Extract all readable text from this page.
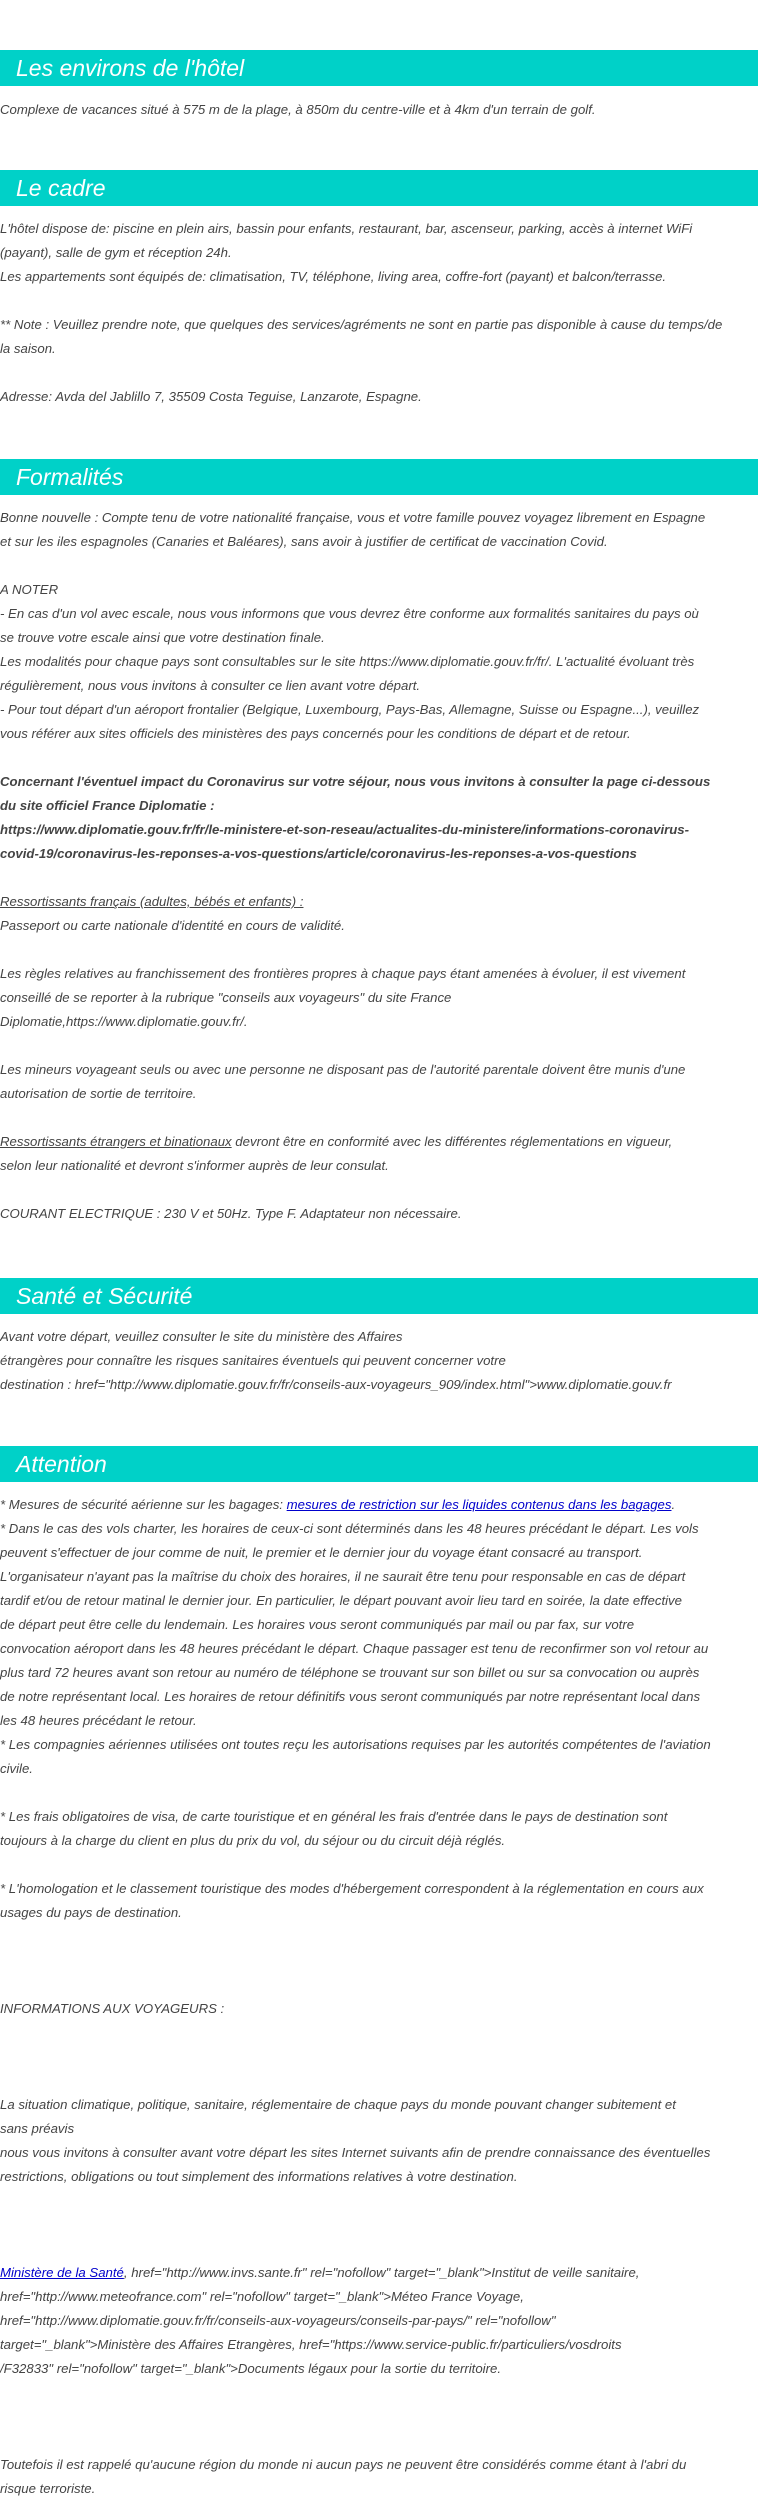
Les environs de l'hôtel

Complexe de vacances situé à 575 m de la plage, à 850m du centre-ville et à 4km d'un terrain de golf.

Le cadre

L'hôtel dispose de: piscine en plein airs, bassin pour enfants, restaurant, bar, ascenseur, parking, accès à internet WiFi

(payant), salle de gym et réception 24h.

Les appartements sont équipés de: climatisation, TV, téléphone, living area, coffre-fort (payant) et balcon/terrasse.

** Note : Veuillez prendre note, que quelques des services/agréments ne sont en partie pas disponible à cause du temps/de

la saison.

Adresse: Avda del Jablillo 7, 35509 Costa Teguise, Lanzarote, Espagne.

Formalités

Bonne nouvelle : Compte tenu de votre nationalité française, vous et votre famille pouvez voyagez librement en Espagne

et sur les iles espagnoles (Canaries et Baléares), sans avoir à justifier de certificat de vaccination Covid.

A NOTER

- En cas d'un vol avec escale, nous vous informons que vous devrez être conforme aux formalités sanitaires du pays où

se trouve votre escale ainsi que votre destination finale.

Les modalités pour chaque pays sont consultables sur le site https://www.diplomatie.gouv.fr/fr/. L'actualité évoluant très

régulièrement, nous vous invitons à consulter ce lien avant votre départ.

- Pour tout départ d'un aéroport frontalier (Belgique, Luxembourg, Pays-Bas, Allemagne, Suisse ou Espagne...), veuillez

vous référer aux sites officiels des ministères des pays concernés pour les conditions de départ et de retour.

Concernant l'éventuel impact du Coronavirus sur votre séjour, nous vous invitons à consulter la page ci-dessous

du site officiel France Diplomatie :

https://www.diplomatie.gouv.fr/fr/le-ministere-et-son-reseau/actualites-du-ministere/informations-coronavirus-

covid-19/coronavirus-les-reponses-a-vos-questions/article/coronavirus-les-reponses-a-vos-questions

Ressortissants français (adultes, bébés et enfants) :

Passeport ou carte nationale d'identité en cours de validité.

Les règles relatives au franchissement des frontières propres à chaque pays étant amenées à évoluer, il est vivement

conseillé de se reporter à la rubrique "conseils aux voyageurs" du site France

Diplomatie,https://www.diplomatie.gouv.fr/.

Les mineurs voyageant seuls ou avec une personne ne disposant pas de l'autorité parentale doivent être munis d'une

autorisation de sortie de territoire.

Ressortissants étrangers et binationaux devront être en conformité avec les différentes réglementations en vigueur,

selon leur nationalité et devront s'informer auprès de leur consulat.

COURANT ELECTRIQUE : 230 V et 50Hz. Type F. Adaptateur non nécessaire.

Santé et Sécurité

Avant votre départ, veuillez consulter le site du ministère des Affaires

étrangères pour connaître les risques sanitaires éventuels qui peuvent concerner votre

destination : href="http://www.diplomatie.gouv.fr/fr/conseils-aux-voyageurs_909/index.html">www.diplomatie.gouv.fr

Attention

* Mesures de sécurité aérienne sur les bagages: mesures de restriction sur les liquides contenus dans les bagages.

* Dans le cas des vols charter, les horaires de ceux-ci sont déterminés dans les 48 heures précédant le départ. Les vols

peuvent s'effectuer de jour comme de nuit, le premier et le dernier jour du voyage étant consacré au transport.

L'organisateur n'ayant pas la maîtrise du choix des horaires, il ne saurait être tenu pour responsable en cas de départ

tardif et/ou de retour matinal le dernier jour. En particulier, le départ pouvant avoir lieu tard en soirée, la date effective

de départ peut être celle du lendemain. Les horaires vous seront communiqués par mail ou par fax, sur votre

convocation aéroport dans les 48 heures précédant le départ. Chaque passager est tenu de reconfirmer son vol retour au

plus tard 72 heures avant son retour au numéro de téléphone se trouvant sur son billet ou sur sa convocation ou auprès

de notre représentant local. Les horaires de retour définitifs vous seront communiqués par notre représentant local dans

les 48 heures précédant le retour.

* Les compagnies aériennes utilisées ont toutes reçu les autorisations requises par les autorités compétentes de l'aviation

civile.

* Les frais obligatoires de visa, de carte touristique et en général les frais d'entrée dans le pays de destination sont

toujours à la charge du client en plus du prix du vol, du séjour ou du circuit déjà réglés.

* L'homologation et le classement touristique des modes d'hébergement correspondent à la réglementation en cours aux

usages du pays de destination.

INFORMATIONS AUX VOYAGEURS :

La situation climatique, politique, sanitaire, réglementaire de chaque pays du monde pouvant changer subitement et

sans préavis

nous vous invitons à consulter avant votre départ les sites Internet suivants afin de prendre connaissance des éventuelles

restrictions, obligations ou tout simplement des informations relatives à votre destination.

Ministère de la Santé, href="http://www.invs.sante.fr" rel="nofollow" target="_blank">Institut de veille sanitaire,

href="http://www.meteofrance.com" rel="nofollow" target="_blank">Méteo France Voyage,

href="http://www.diplomatie.gouv.fr/fr/conseils-aux-voyageurs/conseils-par-pays/" rel="nofollow"

target="_blank">Ministère des Affaires Etrangères, href="https://www.service-public.fr/particuliers/vosdroits

/F32833" rel="nofollow" target="_blank">Documents légaux pour la sortie du territoire.

Toutefois il est rappelé qu'aucune région du monde ni aucun pays ne peuvent être considérés comme étant à l'abri du

risque terroriste.
